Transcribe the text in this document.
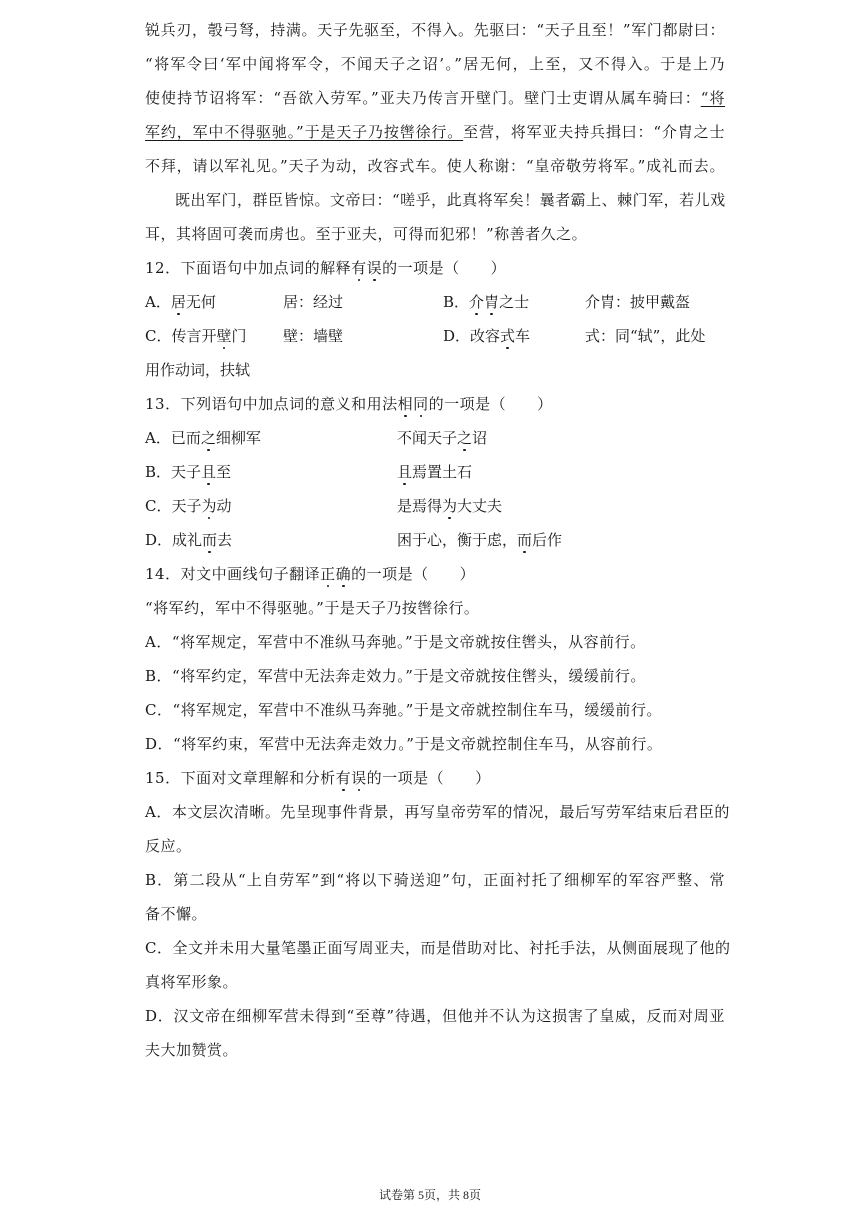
锐兵刃，彀弓弩，持满。天子先驱至，不得入。先驱曰：“天子且至！”军门都尉曰：
“将军令曰‘军中闻将军令，不闻天子之诏’。”居无何，上至，又不得入。于是上乃
使使持节诏将军：“吾欲入劳军。”亚夫乃传言开壁门。壁门士吏谓从属车骑曰：“将
军约，军中不得驱驰。”于是天子乃按辔徐行。至营，将军亚夫持兵揖曰：“介胄之士
不拜，请以军礼见。”天子为动，改容式车。使人称谢：“皇帝敬劳将军。”成礼而去。
既出军门，群臣皆惊。文帝曰：“嗟乎，此真将军矣！曩者霸上、棘门军，若儿戏
耳，其将固可袭而虏也。至于亚夫，可得而犯邪！”称善者久之。
12．下面语句中加点词的解释有误的一项是（　　）
A．居无何	居：经过	B．介胄之士	介胄：披甲戴盔
C．传言开壁门 壁：墙壁	D．改容式车	式：同“轼”，此处
用作动词，扶轼
13．下列语句中加点词的意义和用法相同的一项是（　　）
A．已而之细柳军	不闻天子之诏
B．天子且至	且焉置土石
C．天子为动	是焉得为大丈夫
D．成礼而去	困于心，衡于虑，而后作
14．对文中画线句子翻译正确的一项是（　　）
“将军约，军中不得驱驰。”于是天子乃按辔徐行。
A．“将军规定，军营中不准纵马奔驰。”于是文帝就按住辔头，从容前行。
B．“将军约定，军营中无法奔走效力。”于是文帝就按住辔头，缓缓前行。
C．“将军规定，军营中不准纵马奔驰。”于是文帝就控制住车马，缓缓前行。
D．“将军约束，军营中无法奔走效力。”于是文帝就控制住车马，从容前行。
15．下面对文章理解和分析有误的一项是（　　）
A．本文层次清晰。先呈现事件背景，再写皇帝劳军的情况，最后写劳军结束后君臣的
反应。
B．第二段从“上自劳军”到“将以下骑送迎”句，正面衬托了细柳军的军容严整、常
备不懈。
C．全文并未用大量笔墨正面写周亚夫，而是借助对比、衬托手法，从侧面展现了他的
真将军形象。
D．汉文帝在细柳军营未得到“至尊”待遇，但他并不认为这损害了皇威，反而对周亚
夫大加赞赏。
试卷第 5页，共 8页
